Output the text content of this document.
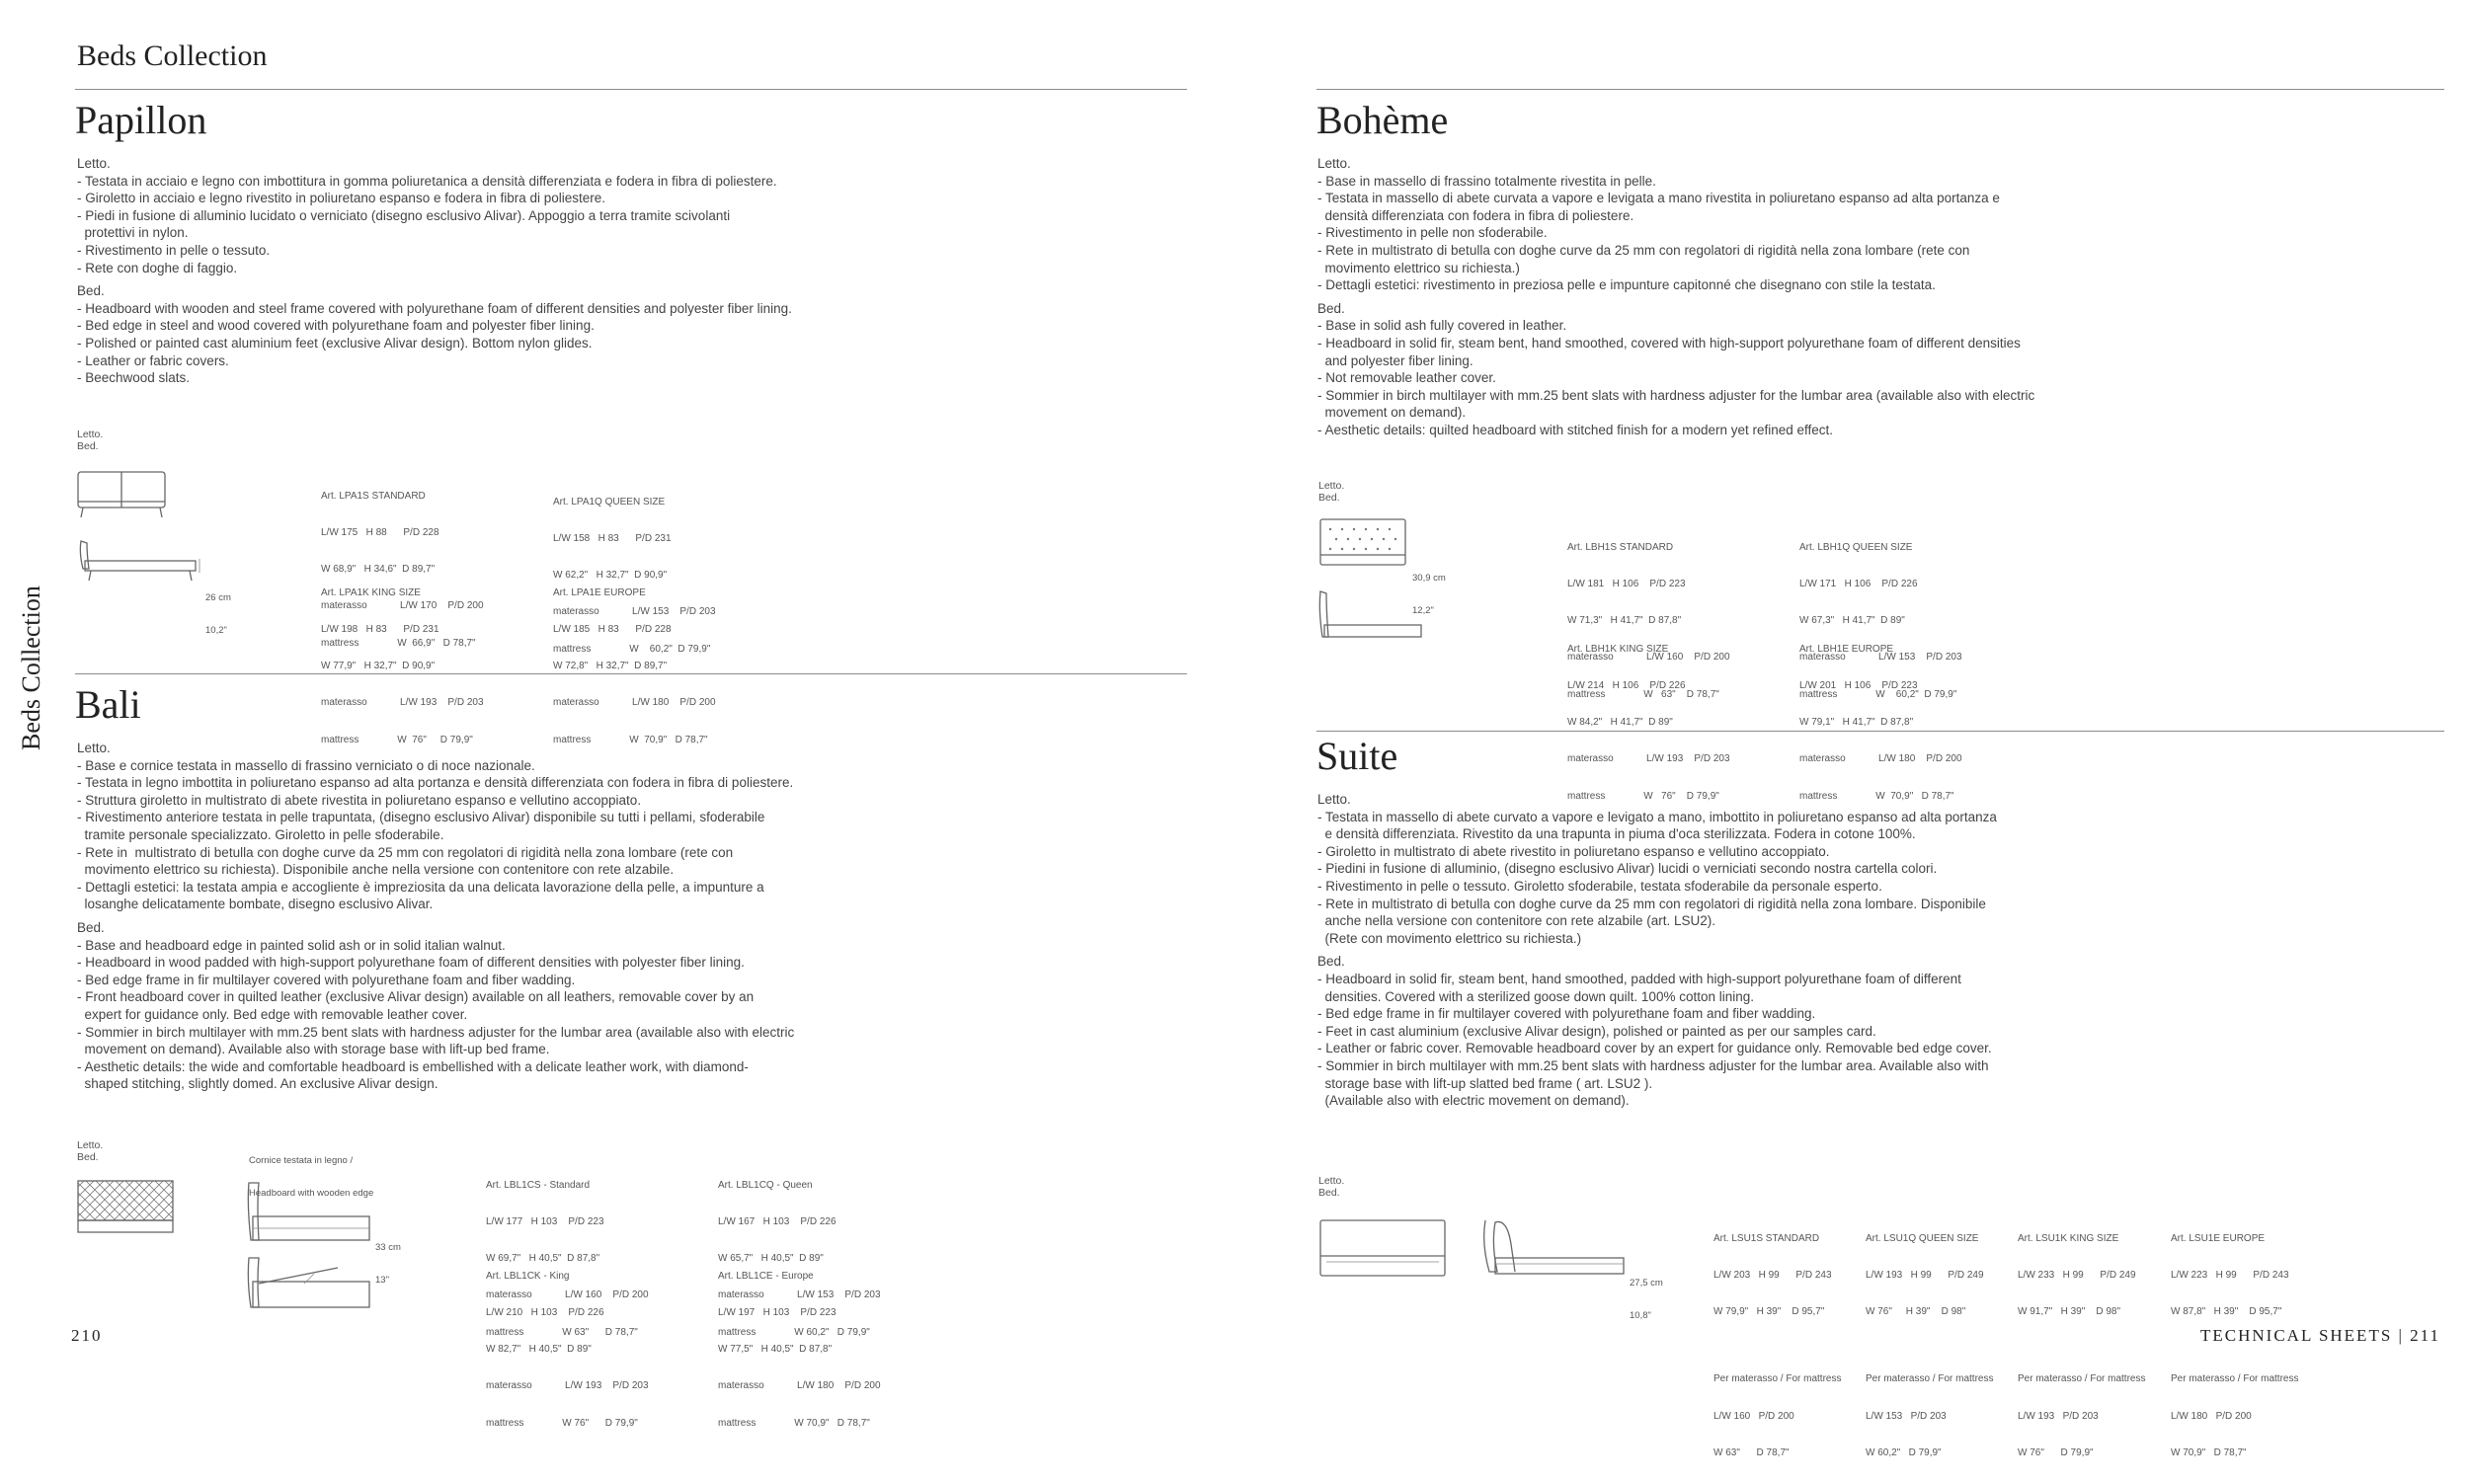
Beds Collection
Beds Collection
210	TECHNICAL SHEETS | 211
Papillon
Letto.
- Testata in acciaio e legno con imbottitura in gomma poliuretanica a densità differenziata e fodera in fibra di poliestere.
- Giroletto in acciaio e legno rivestito in poliuretano espanso e fodera in fibra di poliestere.
- Piedi in fusione di alluminio lucidato o verniciato (disegno esclusivo Alivar). Appoggio a terra tramite scivolanti
protettivi in nylon.
- Rivestimento in pelle o tessuto.
- Rete con doghe di faggio.
Bed.
- Headboard with wooden and steel frame covered with polyurethane foam of different densities and polyester fiber lining.
- Bed edge in steel and wood covered with polyurethane foam and polyester fiber lining.
- Polished or painted cast aluminium feet (exclusive Alivar design). Bottom nylon glides.
- Leather or fabric covers.
- Beechwood slats.
Letto.
Bed.

26 cm

10,2"

Art. LPA1S STANDARD

L/W 175   H 88      P/D 228

W 68,9"   H 34,6"  D 89,7"

materasso            L/W 170    P/D 200

mattress              W  66,9"   D 78,7"

Art. LPA1Q QUEEN SIZE

L/W 158   H 83      P/D 231

W 62,2"   H 32,7"  D 90,9"

materasso            L/W 153    P/D 203

mattress              W    60,2"  D 79,9"

Art. LPA1K KING SIZE

L/W 198   H 83      P/D 231

W 77,9"   H 32,7"  D 90,9"

materasso            L/W 193    P/D 203

mattress              W  76"     D 79,9"

Art. LPA1E EUROPE

L/W 185   H 83      P/D 228

W 72,8"   H 32,7"  D 89,7"

materasso            L/W 180    P/D 200

mattress              W  70,9"   D 78,7"

Bali
Letto.
- Base e cornice testata in massello di frassino verniciato o di noce nazionale.
- Testata in legno imbottita in poliuretano espanso ad alta portanza e densità differenziata con fodera in fibra di poliestere.
- Struttura giroletto in multistrato di abete rivestita in poliuretano espanso e vellutino accoppiato.
- Rivestimento anteriore testata in pelle trapuntata, (disegno esclusivo Alivar) disponibile su tutti i pellami, sfoderabile
tramite personale specializzato. Giroletto in pelle sfoderabile.
- Rete in  multistrato di betulla con doghe curve da 25 mm con regolatori di rigidità nella zona lombare (rete con
movimento elettrico su richiesta). Disponibile anche nella versione con contenitore con rete alzabile.
- Dettagli estetici: la testata ampia e accogliente è impreziosita da una delicata lavorazione della pelle, a impunture a
losanghe delicatamente bombate, disegno esclusivo Alivar.
Bed.
- Base and headboard edge in painted solid ash or in solid italian walnut.
- Headboard in wood padded with high-support polyurethane foam of different densities with polyester fiber lining.
- Bed edge frame in fir multilayer covered with polyurethane foam and fiber wadding.
- Front headboard cover in quilted leather (exclusive Alivar design) available on all leathers, removable cover by an
expert for guidance only. Bed edge with removable leather cover.
- Sommier in birch multilayer with mm.25 bent slats with hardness adjuster for the lumbar area (available also with electric
movement on demand). Available also with storage base with lift-up bed frame.
- Aesthetic details: the wide and comfortable headboard is embellished with a delicate leather work, with diamond-
shaped stitching, slightly domed. An exclusive Alivar design.
Letto.
Bed.

	Cornice testata in legno /

Headboard with wooden edge

33 cm

13"

Art. LBL1CS - Standard

L/W 177   H 103    P/D 223

W 69,7"   H 40,5"  D 87,8"

materasso            L/W 160    P/D 200

mattress              W 63"      D 78,7"

Art. LBL1CQ - Queen

L/W 167   H 103    P/D 226

W 65,7"   H 40,5"  D 89"

materasso            L/W 153    P/D 203

mattress              W 60,2"   D 79,9"

Art. LBL1CK - King

L/W 210   H 103    P/D 226

W 82,7"   H 40,5"  D 89"

materasso            L/W 193    P/D 203

mattress              W 76"      D 79,9"

Art. LBL1CE - Europe

L/W 197   H 103    P/D 223

W 77,5"   H 40,5"  D 87,8"

materasso            L/W 180    P/D 200

mattress              W 70,9"   D 78,7"

Bohème
Letto.
- Base in massello di frassino totalmente rivestita in pelle.
- Testata in massello di abete curvata a vapore e levigata a mano rivestita in poliuretano espanso ad alta portanza e
densità differenziata con fodera in fibra di poliestere.
- Rivestimento in pelle non sfoderabile.
- Rete in multistrato di betulla con doghe curve da 25 mm con regolatori di rigidità nella zona lombare (rete con
movimento elettrico su richiesta.)
- Dettagli estetici: rivestimento in preziosa pelle e impunture capitonné che disegnano con stile la testata.
Bed.
- Base in solid ash fully covered in leather.
- Headboard in solid fir, steam bent, hand smoothed, covered with high-support polyurethane foam of different densities
and polyester fiber lining.
- Not removable leather cover.
- Sommier in birch multilayer with mm.25 bent slats with hardness adjuster for the lumbar area (available also with electric
movement on demand).
- Aesthetic details: quilted headboard with stitched finish for a modern yet refined effect.
Letto.
Bed.

30,9 cm

12,2"

Art. LBH1S STANDARD

L/W 181   H 106    P/D 223

W 71,3"   H 41,7"  D 87,8"

materasso            L/W 160    P/D 200

mattress              W   63"    D 78,7"

Art. LBH1Q QUEEN SIZE

L/W 171   H 106    P/D 226

W 67,3"   H 41,7"  D 89"

materasso            L/W 153    P/D 203

mattress              W    60,2"  D 79,9"

Art. LBH1K KING SIZE

L/W 214   H 106    P/D 226

W 84,2"   H 41,7"  D 89"

materasso            L/W 193    P/D 203

mattress              W   76"    D 79,9"

Art. LBH1E EUROPE

L/W 201   H 106    P/D 223

W 79,1"   H 41,7"  D 87,8"

materasso            L/W 180    P/D 200

mattress              W  70,9"   D 78,7"

Suite
Letto.
- Testata in massello di abete curvato a vapore e levigato a mano, imbottito in poliuretano espanso ad alta portanza
e densità differenziata. Rivestito da una trapunta in piuma d'oca sterilizzata. Fodera in cotone 100%.
- Giroletto in multistrato di abete rivestito in poliuretano espanso e vellutino accoppiato.
- Piedini in fusione di alluminio, (disegno esclusivo Alivar) lucidi o verniciati secondo nostra cartella colori.
- Rivestimento in pelle o tessuto. Giroletto sfoderabile, testata sfoderabile da personale esperto.
- Rete in multistrato di betulla con doghe curve da 25 mm con regolatori di rigidità nella zona lombare. Disponibile
anche nella versione con contenitore con rete alzabile (art. LSU2).
(Rete con movimento elettrico su richiesta.)
Bed.
- Headboard in solid fir, steam bent, hand smoothed, padded with high-support polyurethane foam of different
densities. Covered with a sterilized goose down quilt. 100% cotton lining.
- Bed edge frame in fir multilayer covered with polyurethane foam and fiber wadding.
- Feet in cast aluminium (exclusive Alivar design), polished or painted as per our samples card.
- Leather or fabric cover. Removable headboard cover by an expert for guidance only. Removable bed edge cover.
- Sommier in birch multilayer with mm.25 bent slats with hardness adjuster for the lumbar area. Available also with
storage base with lift-up slatted bed frame ( art. LSU2 ).
(Available also with electric movement on demand).
Letto.
Bed.

27,5 cm

10,8"

Art. LSU1S STANDARD

L/W 203   H 99      P/D 243

W 79,9"   H 39"    D 95,7"

Per materasso / For mattress

L/W 160   P/D 200

W 63"      D 78,7"

Art. LSU1Q QUEEN SIZE

L/W 193   H 99      P/D 249

W 76"     H 39"    D 98"

Per materasso / For mattress

L/W 153   P/D 203

W 60,2"   D 79,9"

Art. LSU1K KING SIZE

L/W 233   H 99      P/D 249

W 91,7"   H 39"    D 98"

Per materasso / For mattress

L/W 193   P/D 203

W 76"      D 79,9"

Art. LSU1E EUROPE

L/W 223   H 99      P/D 243

W 87,8"   H 39"    D 95,7"

Per materasso / For mattress

L/W 180   P/D 200

W 70,9"   D 78,7"
